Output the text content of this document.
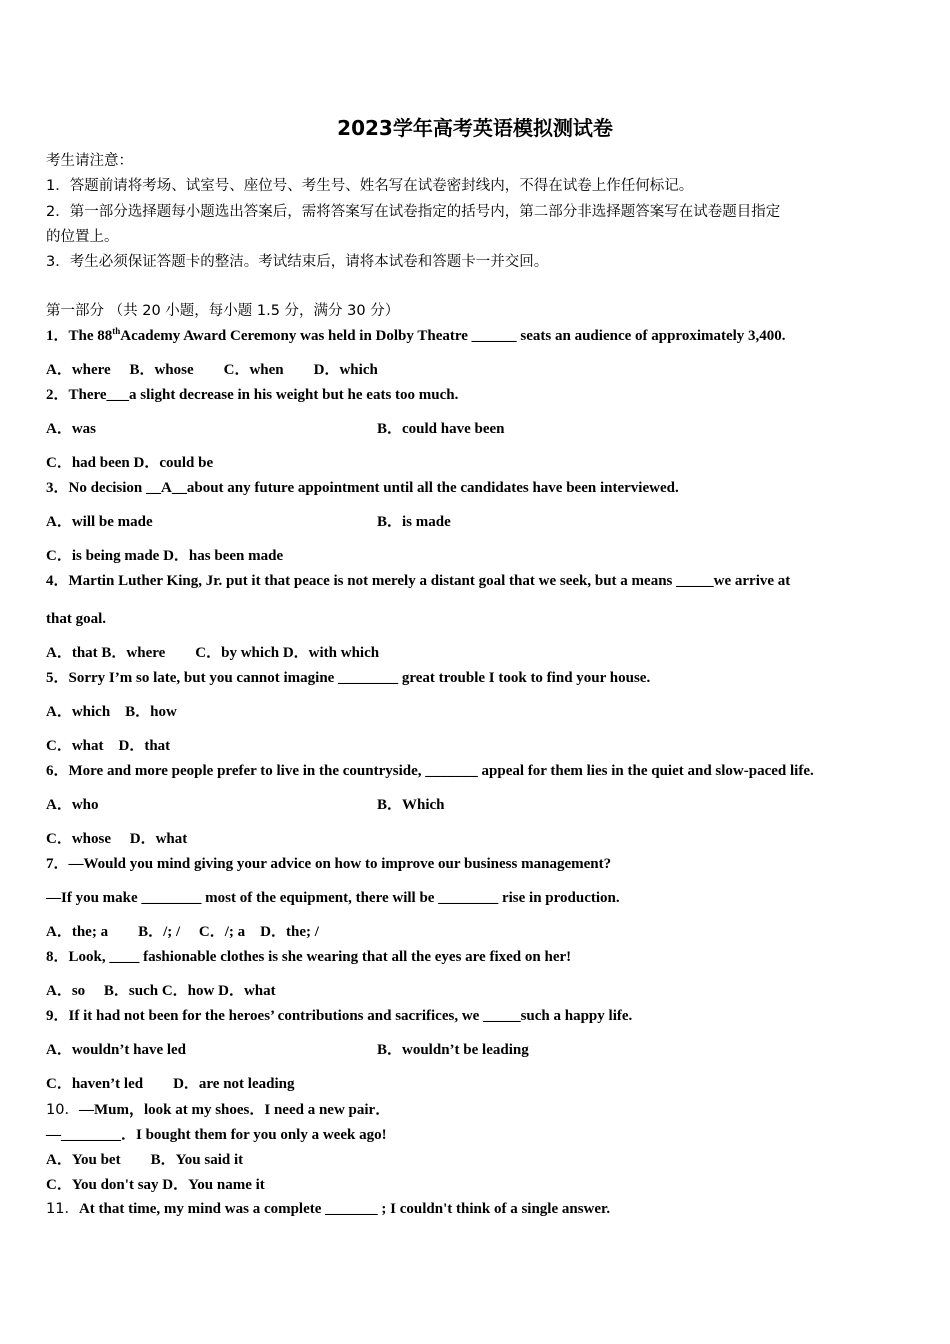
2023学年高考英语模拟测试卷
考生请注意：
1．答题前请将考场、试室号、座位号、考生号、姓名写在试卷密封线内，不得在试卷上作任何标记。
2．第一部分选择题每小题选出答案后，需将答案写在试卷指定的括号内，第二部分非选择题答案写在试卷题目指定
的位置上。
3．考生必须保证答题卡的整洁。考试结束后，请将本试卷和答题卡一并交回。
第一部分 （共 20 小题，每小题 1.5 分，满分 30 分）
1．The 88thAcademy Award Ceremony was held in Dolby Theatre ______ seats an audience of approximately 3,400.
A．where　 B．whose　　C．when　　D．which
2．There___a slight decrease in his weight but he eats too much.
A．was	B．could have been
C．had been D．could be
3．No decision __A__about any future appointment until all the candidates have been interviewed.
A．will be made	B．is made
C．is being made D．has been made
4．Martin Luther King, Jr. put it that peace is not merely a distant goal that we seek, but a means _____we arrive at
that goal.
A．that B．where　　C．by which D．with which
5．Sorry I’m so late, but you cannot imagine ________ great trouble I took to find your house.
A．which　B．how
C．what　D．that
6．More and more people prefer to live in the countryside, _______ appeal for them lies in the quiet and slow-paced life.
A．who	B．Which
C．whose　 D．what
7．—Would you mind giving your advice on how to improve our business management?
—If you make ________ most of the equipment, there will be ________ rise in production.
A．the; a　　B．/; /　 C．/; a　D．the; /
8．Look, ____ fashionable clothes is she wearing that all the eyes are fixed on her!
A．so　 B．such C．how D．what
9．If it had not been for the heroes’ contributions and sacrifices, we _____such a happy life.
A．wouldn’t have led	B．wouldn’t be leading
C．haven’t led　　D．are not leading
10．—Mum，look at my shoes．I need a new pair．
—________．I bought them for you only a week ago!
A．You bet　　B．You said it
C．You don't say D．You name it
11．At that time, my mind was a complete _______ ; I couldn't think of a single answer.
